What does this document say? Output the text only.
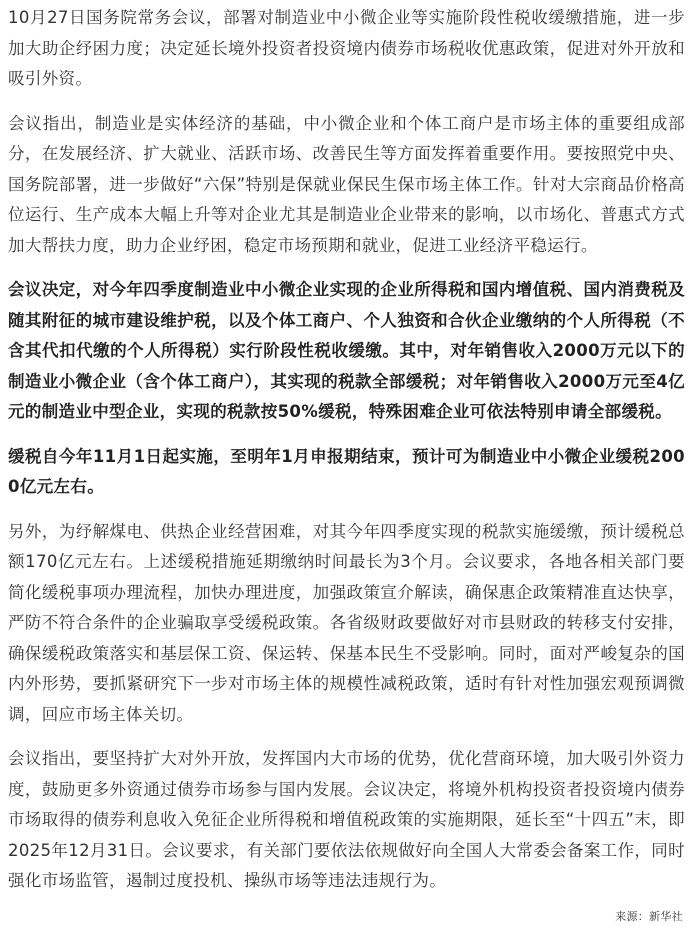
10月27日国务院常务会议，部署对制造业中小微企业等实施阶段性税收缓缴措施，进一步加大助企纾困力度；决定延长境外投资者投资境内债券市场税收优惠政策，促进对外开放和吸引外资。

会议指出，制造业是实体经济的基础，中小微企业和个体工商户是市场主体的重要组成部分，在发展经济、扩大就业、活跃市场、改善民生等方面发挥着重要作用。要按照党中央、国务院部署，进一步做好“六保”特别是保就业保民生保市场主体工作。针对大宗商品价格高位运行、生产成本大幅上升等对企业尤其是制造业企业带来的影响，以市场化、普惠式方式加大帮扶力度，助力企业纾困，稳定市场预期和就业，促进工业经济平稳运行。

会议决定，对今年四季度制造业中小微企业实现的企业所得税和国内增值税、国内消费税及随其附征的城市建设维护税，以及个体工商户、个人独资和合伙企业缴纳的个人所得税（不含其代扣代缴的个人所得税）实行阶段性税收缓缴。其中，对年销售收入2000万元以下的制造业小微企业（含个体工商户），其实现的税款全部缓税；对年销售收入2000万元至4亿元的制造业中型企业，实现的税款按50%缓税，特殊困难企业可依法特别申请全部缓税。

缓税自今年11月1日起实施，至明年1月申报期结束，预计可为制造业中小微企业缓税2000亿元左右。

另外，为纾解煤电、供热企业经营困难，对其今年四季度实现的税款实施缓缴，预计缓税总额170亿元左右。上述缓税措施延期缴纳时间最长为3个月。会议要求，各地各相关部门要简化缓税事项办理流程，加快办理进度，加强政策宣介解读，确保惠企政策精准直达快享，严防不符合条件的企业骗取享受缓税政策。各省级财政要做好对市县财政的转移支付安排，确保缓税政策落实和基层保工资、保运转、保基本民生不受影响。同时，面对严峻复杂的国内外形势，要抓紧研究下一步对市场主体的规模性减税政策，适时有针对性加强宏观预调微调，回应市场主体关切。

会议指出，要坚持扩大对外开放，发挥国内大市场的优势，优化营商环境，加大吸引外资力度，鼓励更多外资通过债券市场参与国内发展。会议决定，将境外机构投资者投资境内债券市场取得的债券利息收入免征企业所得税和增值税政策的实施期限，延长至“十四五”末，即2025年12月31日。会议要求，有关部门要依法依规做好向全国人大常委会备案工作，同时强化市场监管，遏制过度投机、操纵市场等违法违规行为。

来源：新华社
